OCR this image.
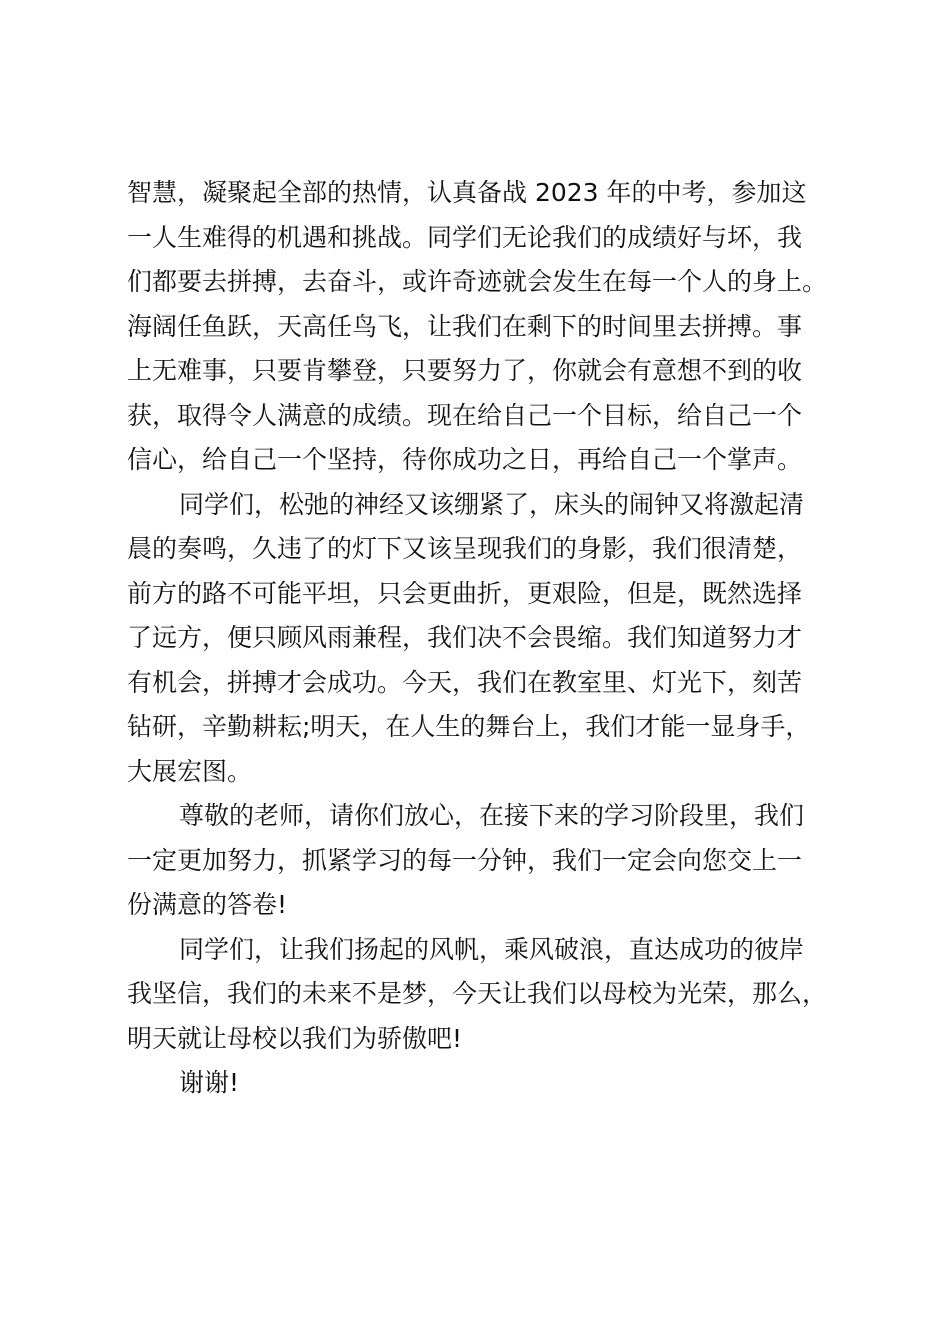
智慧，凝聚起全部的热情，认真备战 2023 年的中考，参加这
一人生难得的机遇和挑战。同学们无论我们的成绩好与坏，我
们都要去拼搏，去奋斗，或许奇迹就会发生在每一个人的身上。
海阔任鱼跃，天高任鸟飞，让我们在剩下的时间里去拼搏。事
上无难事，只要肯攀登，只要努力了，你就会有意想不到的收
获，取得令人满意的成绩。现在给自己一个目标，给自己一个
信心，给自己一个坚持，待你成功之日，再给自己一个掌声。
同学们，松弛的神经又该绷紧了，床头的闹钟又将激起清
晨的奏鸣，久违了的灯下又该呈现我们的身影，我们很清楚，
前方的路不可能平坦，只会更曲折，更艰险，但是，既然选择
了远方，便只顾风雨兼程，我们决不会畏缩。我们知道努力才
有机会，拼搏才会成功。今天，我们在教室里、灯光下，刻苦
钻研，辛勤耕耘;明天，在人生的舞台上，我们才能一显身手，
大展宏图。
尊敬的老师，请你们放心，在接下来的学习阶段里，我们
一定更加努力，抓紧学习的每一分钟，我们一定会向您交上一
份满意的答卷!
同学们，让我们扬起的风帆，乘风破浪，直达成功的彼岸
我坚信，我们的未来不是梦，今天让我们以母校为光荣，那么，
明天就让母校以我们为骄傲吧!
谢谢!
